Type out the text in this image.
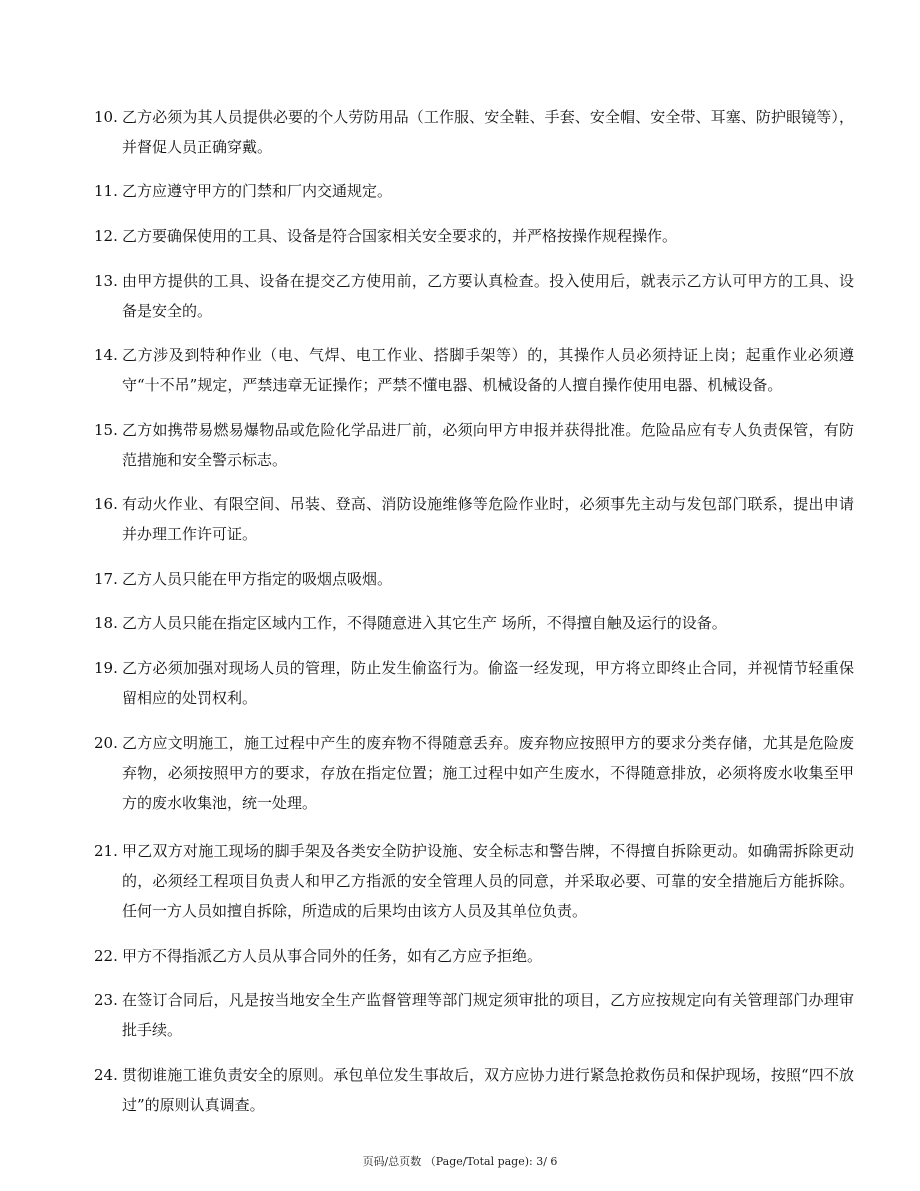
10. 乙方必须为其人员提供必要的个人劳防用品（工作服、安全鞋、手套、安全帽、安全带、耳塞、防护眼镜等），并督促人员正确穿戴。
11. 乙方应遵守甲方的门禁和厂内交通规定。
12. 乙方要确保使用的工具、设备是符合国家相关安全要求的，并严格按操作规程操作。
13. 由甲方提供的工具、设备在提交乙方使用前，乙方要认真检查。投入使用后，就表示乙方认可甲方的工具、设备是安全的。
14. 乙方涉及到特种作业（电、气焊、电工作业、搭脚手架等）的，其操作人员必须持证上岗；起重作业必须遵守“十不吊”规定，严禁违章无证操作；严禁不懂电器、机械设备的人擅自操作使用电器、机械设备。
15. 乙方如携带易燃易爆物品或危险化学品进厂前，必须向甲方申报并获得批准。危险品应有专人负责保管，有防范措施和安全警示标志。
16. 有动火作业、有限空间、吊装、登高、消防设施维修等危险作业时，必须事先主动与发包部门联系，提出申请并办理工作许可证。
17. 乙方人员只能在甲方指定的吸烟点吸烟。
18. 乙方人员只能在指定区域内工作，不得随意进入其它生产 场所，不得擅自触及运行的设备。
19. 乙方必须加强对现场人员的管理，防止发生偷盗行为。偷盗一经发现，甲方将立即终止合同，并视情节轻重保留相应的处罚权利。
20. 乙方应文明施工，施工过程中产生的废弃物不得随意丢弃。废弃物应按照甲方的要求分类存储，尤其是危险废弃物，必须按照甲方的要求，存放在指定位置；施工过程中如产生废水，不得随意排放，必须将废水收集至甲方的废水收集池，统一处理。
21. 甲乙双方对施工现场的脚手架及各类安全防护设施、安全标志和警告牌，不得擅自拆除更动。如确需拆除更动的，必须经工程项目负责人和甲乙方指派的安全管理人员的同意，并采取必要、可靠的安全措施后方能拆除。任何一方人员如擅自拆除，所造成的后果均由该方人员及其单位负责。
22. 甲方不得指派乙方人员从事合同外的任务，如有乙方应予拒绝。
23. 在签订合同后，凡是按当地安全生产监督管理等部门规定须审批的项目，乙方应按规定向有关管理部门办理审批手续。
24. 贯彻谁施工谁负责安全的原则。承包单位发生事故后，双方应协力进行紧急抢救伤员和保护现场，按照“四不放过”的原则认真调查。
页码/总页数 （Page/Total page): 3/ 6
